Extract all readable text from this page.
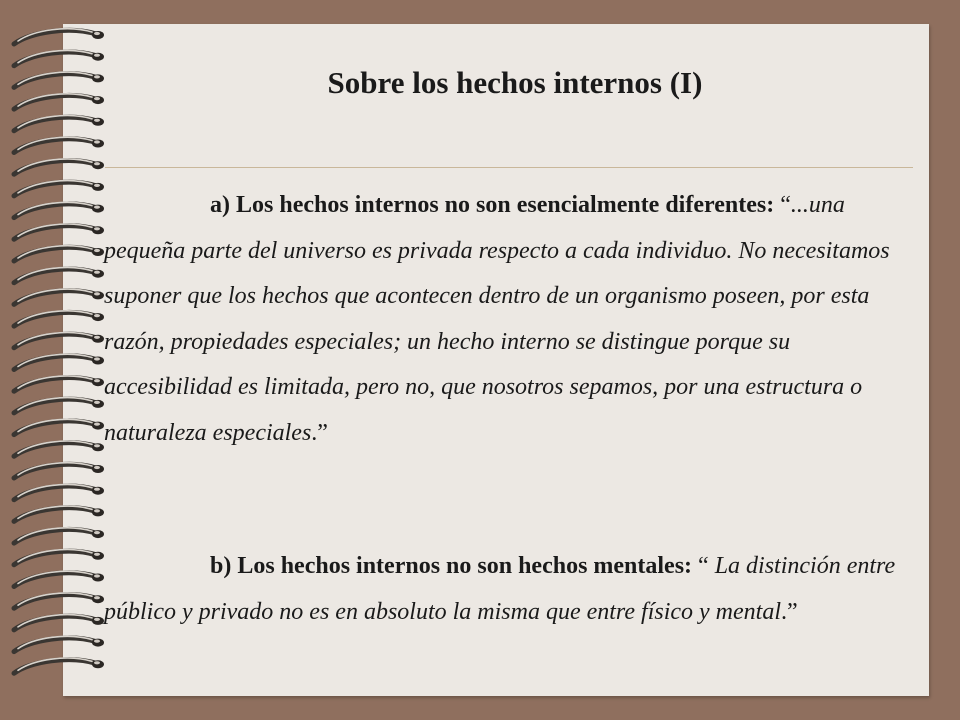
Sobre los hechos internos (I)

a) Los hechos internos no son esencialmente diferentes: “...una pequeña parte del universo es privada respecto a cada individuo. No necesitamos suponer que los hechos que acontecen dentro de un organismo poseen, por esta razón, propiedades especiales; un hecho interno se distingue porque su accesibilidad es limitada, pero no, que nosotros sepamos, por una estructura o naturaleza especiales.”

b) Los hechos internos no son hechos mentales: “ La distinción entre público y privado no es en absoluto la misma que entre físico y mental.”
